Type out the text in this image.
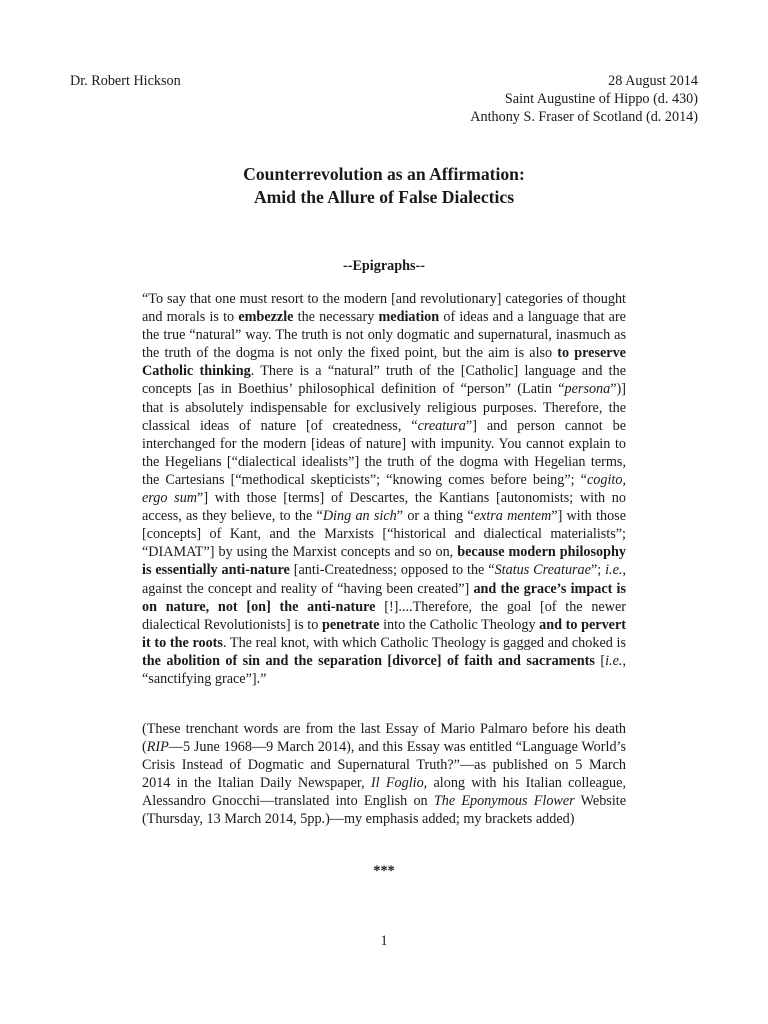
Dr. Robert Hickson	28 August 2014
Saint Augustine of Hippo (d. 430)
Anthony S. Fraser of Scotland (d. 2014)
Counterrevolution as an Affirmation:
Amid the Allure of False Dialectics
--Epigraphs--

“To say that one must resort to the modern [and revolutionary] categories of thought and morals is to embezzle the necessary mediation of ideas and a language that are the true “natural” way. The truth is not only dogmatic and supernatural, inasmuch as the truth of the dogma is not only the fixed point, but the aim is also to preserve Catholic thinking. There is a “natural” truth of the [Catholic] language and the concepts [as in Boethius’ philosophical definition of “person” (Latin “persona”)] that is absolutely indispensable for exclusively religious purposes. Therefore, the classical ideas of nature [of createdness, “creatura”] and person cannot be interchanged for the modern [ideas of nature] with impunity. You cannot explain to the Hegelians [“dialectical idealists”] the truth of the dogma with Hegelian terms, the Cartesians [“methodical skepticists”; “knowing comes before being”; “cogito, ergo sum”] with those [terms] of Descartes, the Kantians [autonomists; with no access, as they believe, to the “Ding an sich” or a thing “extra mentem”] with those [concepts] of Kant, and the Marxists [“historical and dialectical materialists”; “DIAMAT”] by using the Marxist concepts and so on, because modern philosophy is essentially anti-nature [anti-Createdness; opposed to the “Status Creaturae”; i.e., against the concept and reality of “having been created”] and the grace’s impact is on nature, not [on] the anti-nature [!]....Therefore, the goal [of the newer dialectical Revolutionists] is to penetrate into the Catholic Theology and to pervert it to the roots. The real knot, with which Catholic Theology is gagged and choked is the abolition of sin and the separation [divorce] of faith and sacraments [i.e., “sanctifying grace”].”

(These trenchant words are from the last Essay of Mario Palmaro before his death (RIP—5 June 1968—9 March 2014), and this Essay was entitled “Language World’s Crisis Instead of Dogmatic and Supernatural Truth?”—as published on 5 March 2014 in the Italian Daily Newspaper, Il Foglio, along with his Italian colleague, Alessandro Gnocchi—translated into English on The Eponymous Flower Website (Thursday, 13 March 2014, 5pp.)—my emphasis added; my brackets added)

***
1
